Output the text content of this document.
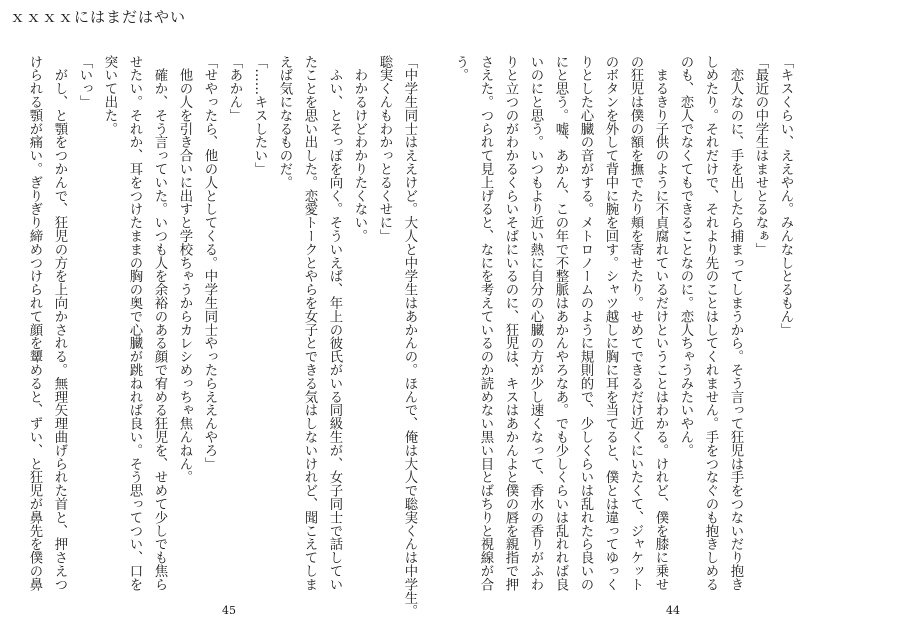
ｘｘｘｘにはまだはやい
「キスくらい、ええやん。みんなしとるもん」
「最近の中学生はませとるなぁ」
　恋人なのに、手を出したら捕まってしまうから。そう言って狂児は手をつないだり抱き
しめたり。それだけで、それより先のことはしてくれません。手をつなぐのも抱きしめる
のも、恋人でなくてもできることなのに。恋人ちゃうみたいやん。
　まるきり子供のように不貞腐れているだけということはわかる。けれど、僕を膝に乗せ
の狂児は僕の額を撫でたり頬を寄せたり。せめてできるだけ近くにいたくて、ジャケット
のボタンを外して背中に腕を回す。シャツ越しに胸に耳を当てると、僕とは違ってゆっく
りとした心臓の音がする。メトロノームのように規則的で、少しくらいは乱れたら良いの
にと思う。嘘、あかん、この年で不整脈はあかんやろなあ。でも少しくらいは乱れれば良
いのにと思う。いつもより近い熱に自分の心臓の方が少し速くなって、香水の香りがふわ
りと立つのがわかるくらいそばにいるのに、狂児は、キスはあかんよと僕の唇を親指で押
さえた。つられて見上げると、なにを考えているのか読めない黒い目とばちりと視線が合
う。
「中学生同士はええけど。大人と中学生はあかんの。ほんで、俺は大人で聡実くんは中学生。
聡実くんもわかっとるくせに」
　わかるけどわかりたくない。
　ふい、とそっぽを向く。そういえば、年上の彼氏がいる同級生が、女子同士で話してい
たことを思い出した。恋愛トークとやらを女子とできる気はしないけれど、聞こえてしま
えば気になるものだ。
「……キスしたい」
「あかん」
「せやったら、他の人としてくる。中学生同士やったらええんやろ」
　他の人を引き合いに出すと学校ちゃうからカレシめっちゃ焦んねん。
　確か、そう言っていた。いつも人を余裕のある顔で宥める狂児を、せめて少しでも焦ら
せたい。それか、耳をつけたままの胸の奥で心臓が跳ねれば良い。そう思ってつい、口を
突いて出た。
「いっ」
　がし、と顎をつかんで、狂児の方を上向かされる。無理矢理曲げられた首と、押さえつ
けられる顎が痛い。ぎりぎり締めつけられて顔を顰めると、ずい、と狂児が鼻先を僕の鼻
45	44
